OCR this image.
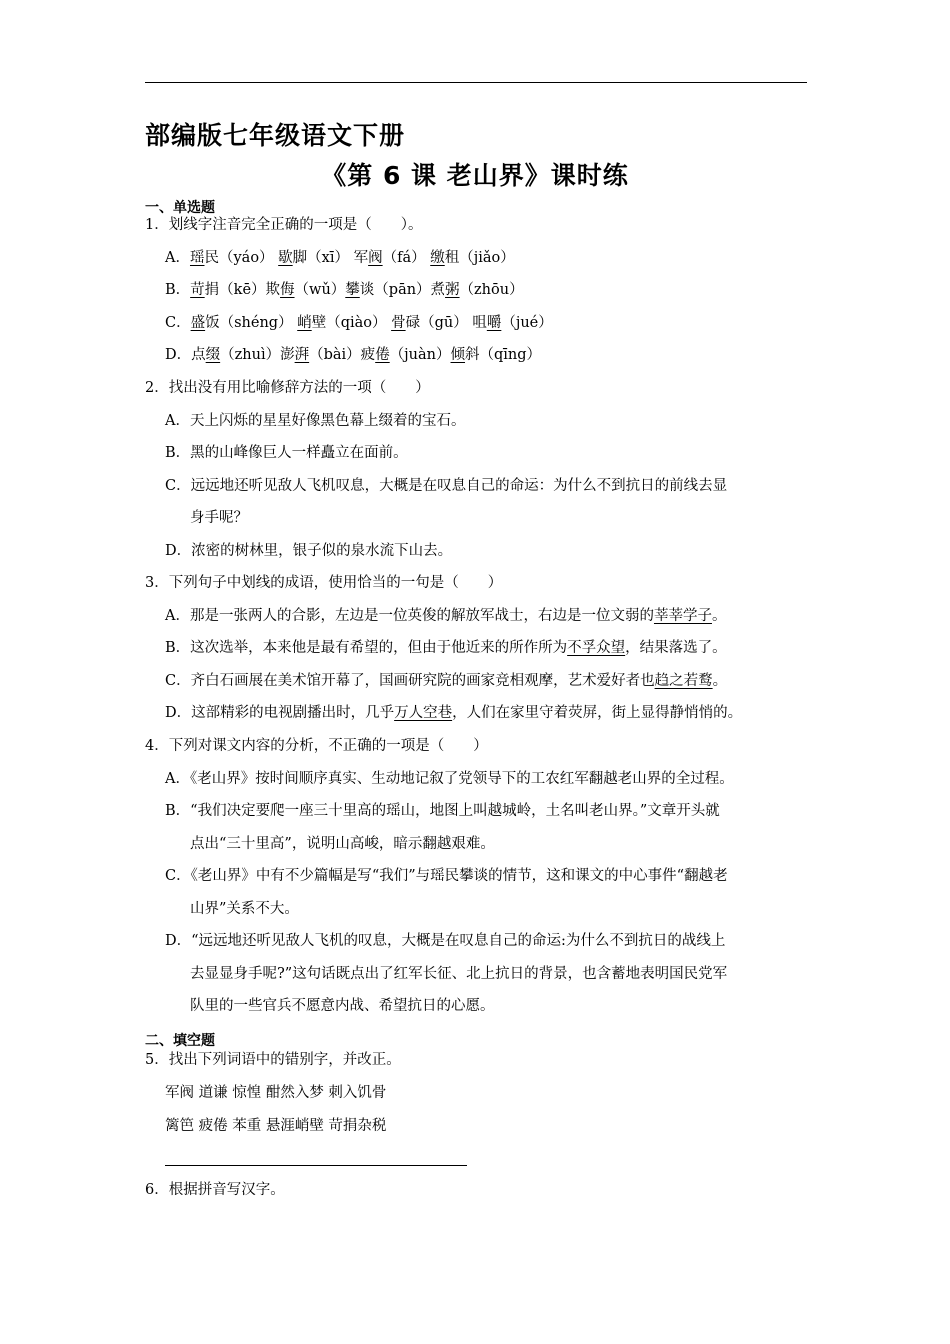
部编版七年级语文下册
《第 6 课 老山界》课时练
一、单选题
1．划线字注音完全正确的一项是（　　）。
A．瑶民（yáo） 歇脚（xī） 军阀（fá） 缴租（jiǎo）
B．苛捐（kē）欺侮（wǔ）攀谈（pān）煮粥（zhōu）
C．盛饭（shéng） 峭壁（qiào） 骨碌（gū） 咀嚼（jué）
D．点缀（zhuì）澎湃（bài）疲倦（juàn）倾斜（qīng）
2．找出没有用比喻修辞方法的一项（　　）
A．天上闪烁的星星好像黑色幕上缀着的宝石。
B．黑的山峰像巨人一样矗立在面前。
C．远远地还听见敌人飞机叹息，大概是在叹息自己的命运：为什么不到抗日的前线去显
身手呢？
D．浓密的树林里，银子似的泉水流下山去。
3．下列句子中划线的成语，使用恰当的一句是（　　）
A．那是一张两人的合影，左边是一位英俊的解放军战士，右边是一位文弱的莘莘学子。
B．这次选举，本来他是最有希望的，但由于他近来的所作所为不孚众望，结果落选了。
C．齐白石画展在美术馆开幕了，国画研究院的画家竞相观摩，艺术爱好者也趋之若鹜。
D．这部精彩的电视剧播出时，几乎万人空巷，人们在家里守着荧屏，街上显得静悄悄的。
4．下列对课文内容的分析，不正确的一项是（　　）
A．《老山界》按时间顺序真实、生动地记叙了党领导下的工农红军翻越老山界的全过程。
B．“我们决定要爬一座三十里高的瑶山，地图上叫越城岭，土名叫老山界。”文章开头就
点出“三十里高”，说明山高峻，暗示翻越艰难。
C．《老山界》中有不少篇幅是写“我们”与瑶民攀谈的情节，这和课文的中心事件“翻越老
山界”关系不大。
D．“远远地还听见敌人飞机的叹息，大概是在叹息自己的命运:为什么不到抗日的战线上
去显显身手呢?”这句话既点出了红军长征、北上抗日的背景，也含蓄地表明国民党军
队里的一些官兵不愿意内战、希望抗日的心愿。
二、填空题
5．找出下列词语中的错别字，并改正。
军阀 道谦 惊惶 酣然入梦 刺入饥骨
篱笆 疲倦 苯重 悬涯峭壁 苛捐杂税
6．根据拼音写汉字。
